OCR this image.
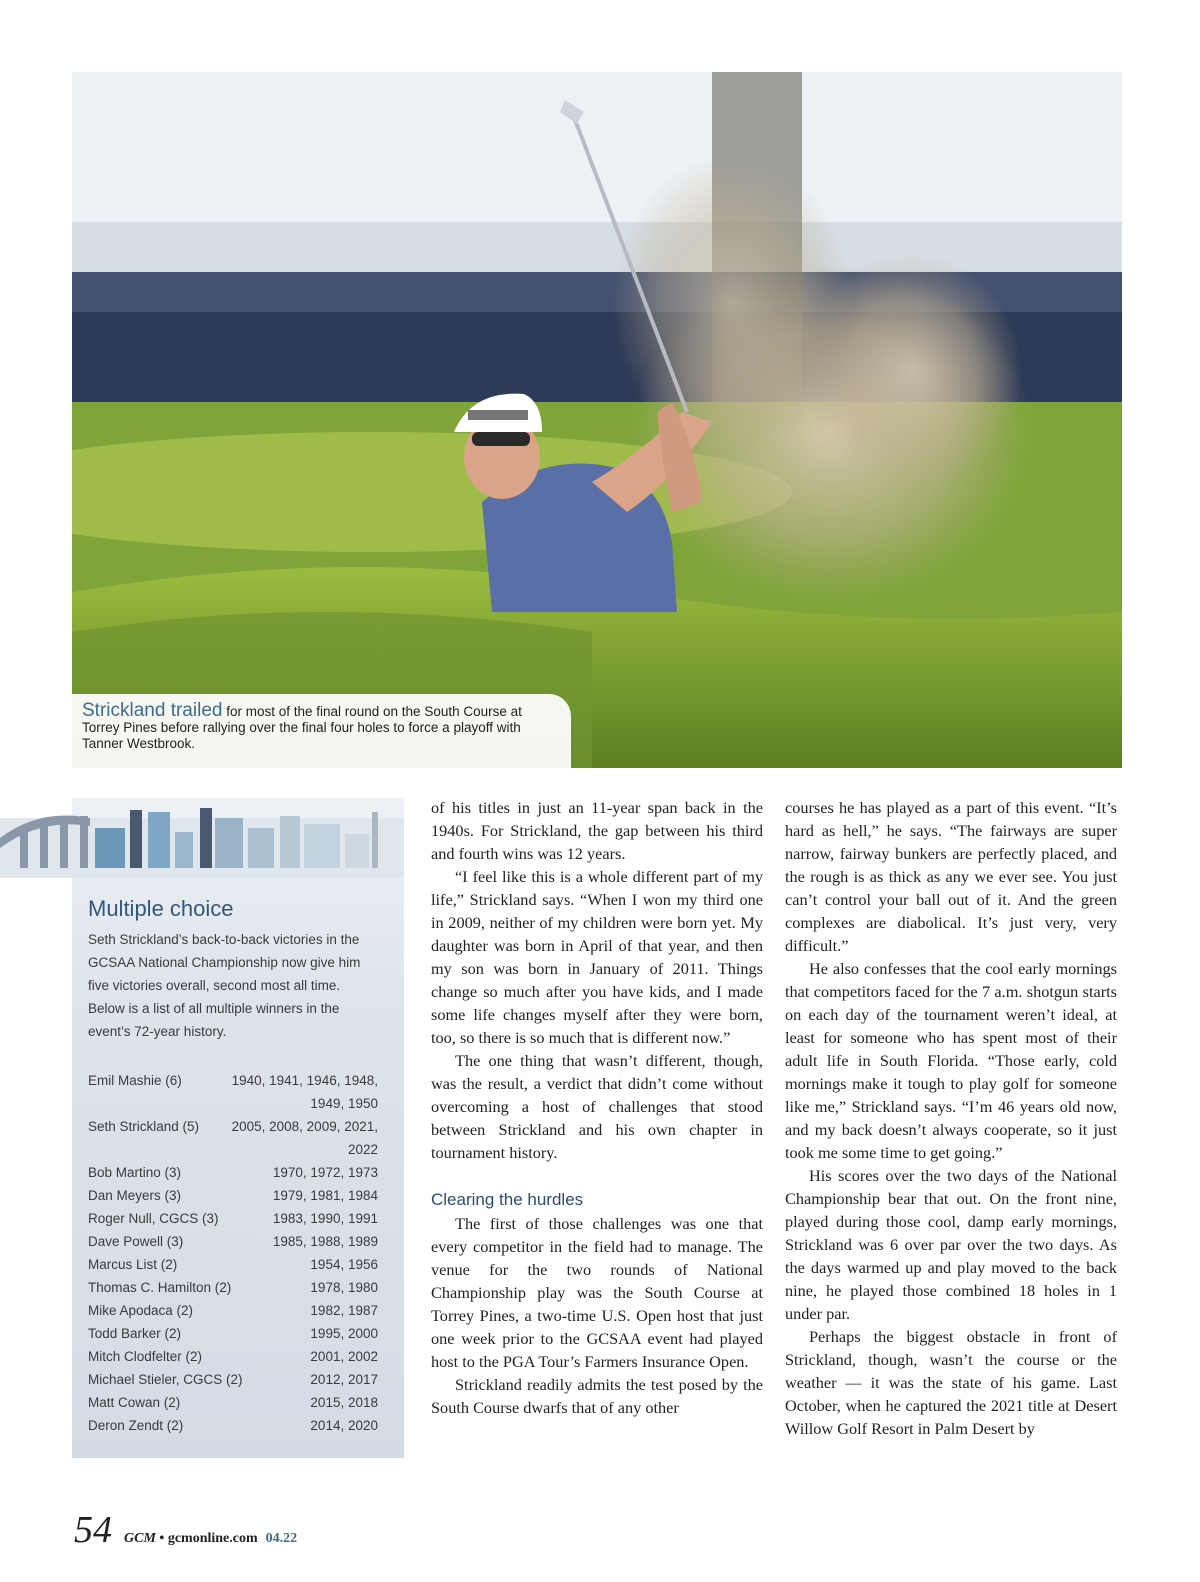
Strickland trailed for most of the final round on the South Course at Torrey Pines before rallying over the final four holes to force a playoff with Tanner Westbrook.
Multiple choice
Seth Strickland’s back-to-back victories in the GCSAA National Championship now give him five victories overall, second most all time. Below is a list of all multiple winners in the event’s 72-year history.
Emil Mashie (6)	1940, 1941, 1946, 1948, 1949, 1950
Seth Strickland (5) 2005, 2008, 2009, 2021, 2022
Bob Martino (3)	1970, 1972, 1973
Dan Meyers (3)	1979, 1981, 1984
Roger Null, CGCS (3)	1983, 1990, 1991
Dave Powell (3)	1985, 1988, 1989
Marcus List (2)	1954, 1956
Thomas C. Hamilton (2)	1978, 1980
Mike Apodaca (2)	1982, 1987
Todd Barker (2)	1995, 2000
Mitch Clodfelter (2)	2001, 2002
Michael Stieler, CGCS (2)	2012, 2017
Matt Cowan (2)	2015, 2018
Deron Zendt (2)	2014, 2020

of his titles in just an 11-year span back in the 1940s. For Strickland, the gap between his third and fourth wins was 12 years.

“I feel like this is a whole different part of my life,” Strickland says. “When I won my third one in 2009, neither of my children were born yet. My daughter was born in April of that year, and then my son was born in January of 2011. Things change so much after you have kids, and I made some life changes myself after they were born, too, so there is so much that is different now.”

The one thing that wasn’t different, though, was the result, a verdict that didn’t come without overcoming a host of challenges that stood between Strickland and his own chapter in tournament history.

Clearing the hurdles

The first of those challenges was one that every competitor in the field had to manage. The venue for the two rounds of National Championship play was the South Course at Torrey Pines, a two-time U.S. Open host that just one week prior to the GCSAA event had played host to the PGA Tour’s Farmers Insurance Open.

Strickland readily admits the test posed by the South Course dwarfs that of any other

courses he has played as a part of this event. “It’s hard as hell,” he says. “The fairways are super narrow, fairway bunkers are perfectly placed, and the rough is as thick as any we ever see. You just can’t control your ball out of it. And the green complexes are diabolical. It’s just very, very difficult.”

He also confesses that the cool early mornings that competitors faced for the 7 a.m. shotgun starts on each day of the tournament weren’t ideal, at least for someone who has spent most of their adult life in South Florida. “Those early, cold mornings make it tough to play golf for someone like me,” Strickland says. “I’m 46 years old now, and my back doesn’t always cooperate, so it just took me some time to get going.”

His scores over the two days of the National Championship bear that out. On the front nine, played during those cool, damp early mornings, Strickland was 6 over par over the two days. As the days warmed up and play moved to the back nine, he played those combined 18 holes in 1 under par.

Perhaps the biggest obstacle in front of Strickland, though, wasn’t the course or the weather — it was the state of his game. Last October, when he captured the 2021 title at Desert Willow Golf Resort in Palm Desert by

54 GCM • gcmonline.com 04.22
